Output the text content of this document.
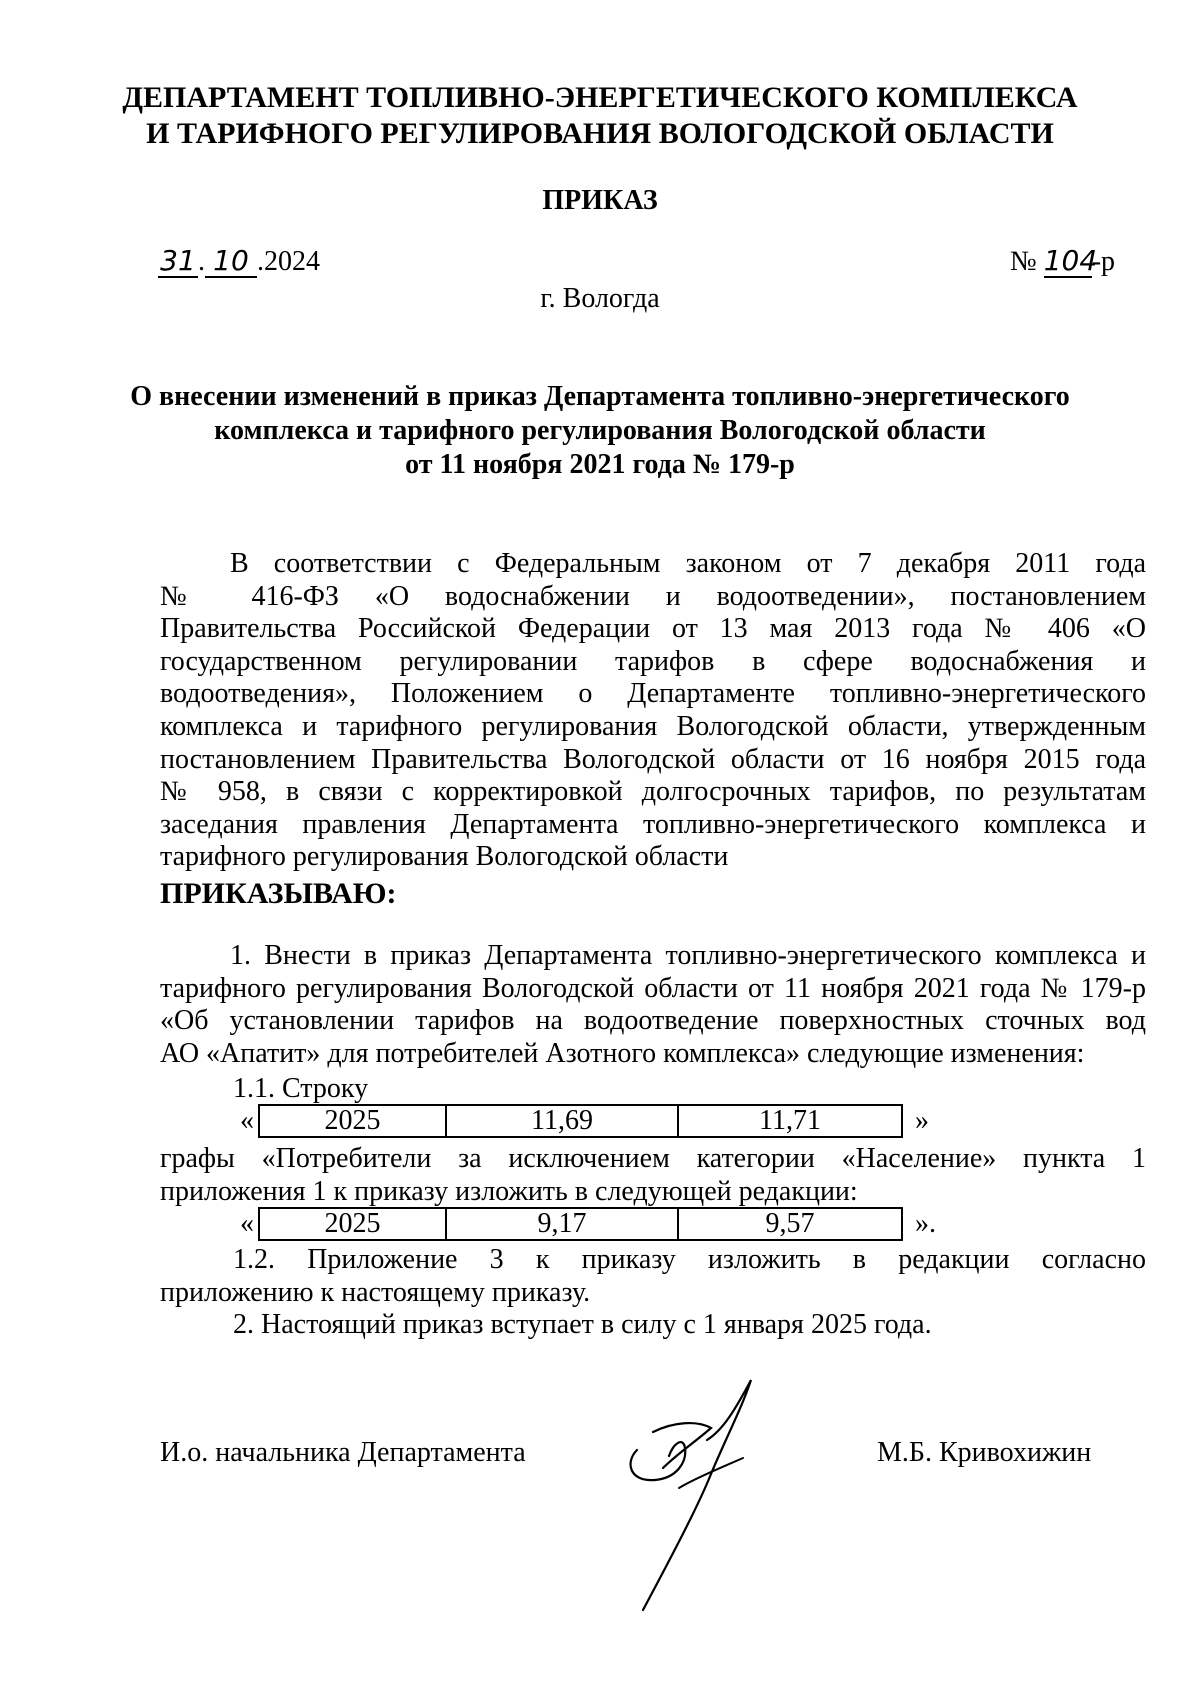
ДЕПАРТАМЕНТ ТОПЛИВНО-ЭНЕРГЕТИЧЕСКОГО КОМПЛЕКСА
И ТАРИФНОГО РЕГУЛИРОВАНИЯ ВОЛОГОДСКОЙ ОБЛАСТИ
ПРИКАЗ
31. 10 .2024	№ 104-р
г. Вологда
О внесении изменений в приказ Департамента топливно-энергетического
комплекса и тарифного регулирования Вологодской области
от 11 ноября 2021 года № 179-р
В соответствии с Федеральным законом от 7 декабря 2011 года
№ 416-ФЗ «О водоснабжении и водоотведении», постановлением
Правительства Российской Федерации от 13 мая 2013 года № 406 «О
государственном регулировании тарифов в сфере водоснабжения и
водоотведения», Положением о Департаменте топливно-энергетического
комплекса и тарифного регулирования Вологодской области, утвержденным
постановлением Правительства Вологодской области от 16 ноября 2015 года
№ 958, в связи с корректировкой долгосрочных тарифов, по результатам
заседания правления Департамента топливно-энергетического комплекса и
тарифного регулирования Вологодской области
ПРИКАЗЫВАЮ:
1. Внести в приказ Департамента топливно-энергетического комплекса и
тарифного регулирования Вологодской области от 11 ноября 2021 года № 179-р
«Об установлении тарифов на водоотведение поверхностных сточных вод
АО «Апатит» для потребителей Азотного комплекса» следующие изменения:
1.1. Строку
«	2025	11,69	11,71	»
графы «Потребители за исключением категории «Население» пункта 1
приложения 1 к приказу изложить в следующей редакции:
«	2025	9,17	9,57	».
1.2. Приложение 3 к приказу изложить в редакции согласно
приложению к настоящему приказу.
2. Настоящий приказ вступает в силу с 1 января 2025 года.
И.о. начальника Департамента	М.Б. Кривохижин
